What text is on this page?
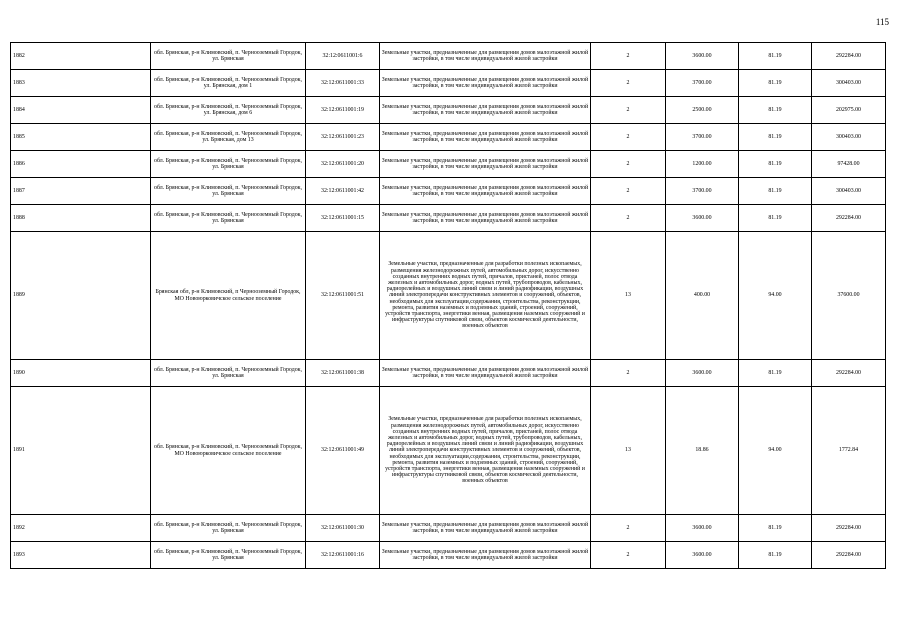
115
1882	обл. Брянская, р-н Климовский, п. Чернооземный Городок, ул. Брянская	32:12:0611001:6	Земельные участки, предназначенные для размещения домов малоэтажной жилой застройки, в том числе индивидуальной жилой застройки	2	3600.00	81.19	292284.00
1883	обл. Брянская, р-н Климовский, п. Чернооземный Городок, ул. Брянская, дом 1	32:12:0611001:33	Земельные участки, предназначенные для размещения домов малоэтажной жилой застройки, в том числе индивидуальной жилой застройки	2	3700.00	81.19	300403.00
1884	обл. Брянская, р-н Климовский, п. Чернооземный Городок, ул. Брянская, дом 6	32:12:0611001:19	Земельные участки, предназначенные для размещения домов малоэтажной жилой застройки, в том числе индивидуальной жилой застройки	2	2500.00	81.19	202975.00
1885	обл. Брянская, р-н Климовский, п. Чернооземный Городок, ул. Брянская, дом 13	32:12:0611001:23	Земельные участки, предназначенные для размещения домов малоэтажной жилой застройки, в том числе индивидуальной жилой застройки	2	3700.00	81.19	300403.00
1886	обл. Брянская, р-н Климовский, п. Чернооземный Городок, ул. Брянская	32:12:0611001:20	Земельные участки, предназначенные для размещения домов малоэтажной жилой застройки, в том числе индивидуальной жилой застройки	2	1200.00	81.19	97428.00
1887	обл. Брянская, р-н Климовский, п. Чернооземный Городок, ул. Брянская	32:12:0611001:42	Земельные участки, предназначенные для размещения домов малоэтажной жилой застройки, в том числе индивидуальной жилой застройки	2	3700.00	81.19	300403.00
1888	обл. Брянская, р-н Климовский, п. Чернооземный Городок, ул. Брянская	32:12:0611001:15	Земельные участки, предназначенные для размещения домов малоэтажной жилой застройки, в том числе индивидуальной жилой застройки	2	3600.00	81.19	292284.00
1889	Брянская обл, р-н Климовский, п Чернооземный Городок, МО Новоюрковичское сельское поселение	32:12:0611001:51	Земельные участки, предназначенные для разработки полезных ископаемых, размещения железнодорожных путей, автомобильных дорог, искусственно созданных внутренних водных путей, причалов, пристаней, полос отвода железных и автомобильных дорог, водных путей, трубопроводов, кабельных, радиорелейных и воздушных линий связи и линий радиофикации, воздушных линий электропередачи конструктивных элементов и сооружений, объектов, необходимых для эксплуатации,содержания, строительства, реконструкции, ремонта, развития наземных и подземных зданий, строений, сооружений, устройств транспорта, энергетики венная, размещения наземных сооружений и инфраструктуры спутниковой связи, объектов космической деятельности, военных объектов	13	400.00	94.00	37600.00
1890	обл. Брянская, р-н Климовский, п. Чернооземный Городок, ул. Брянская	32:12:0611001:38	Земельные участки, предназначенные для размещения домов малоэтажной жилой застройки, в том числе индивидуальной жилой застройки	2	3600.00	81.19	292284.00
1891	обл. Брянская, р-н Климовский, п. Чернооземный Городок, МО Новоюрковичское сельское поселение	32:12:0611001:49	Земельные участки, предназначенные для разработки полезных ископаемых, размещения железнодорожных путей, автомобильных дорог, искусственно созданных внутренних водных путей, причалов, пристаней, полос отвода железных и автомобильных дорог, водных путей, трубопроводов, кабельных, радиорелейных и воздушных линий связи и линий радиофикации, воздушных линий электропередачи конструктивных элементов и сооружений, объектов, необходимых для эксплуатации,содержания, строительства, реконструкции, ремонта, развития наземных и подземных зданий, строений, сооружений, устройств транспорта, энергетики венная, размещения наземных сооружений и инфраструктуры спутниковой связи, объектов космической деятельности, военных объектов	13	18.86	94.00	1772.84
1892	обл. Брянская, р-н Климовский, п. Чернооземный Городок, ул. Брянская	32:12:0611001:30	Земельные участки, предназначенные для размещения домов малоэтажной жилой застройки, в том числе индивидуальной жилой застройки	2	3600.00	81.19	292284.00
1893	обл. Брянская, р-н Климовский, п. Чернооземный Городок, ул. Брянская	32:12:0611001:16	Земельные участки, предназначенные для размещения домов малоэтажной жилой застройки, в том числе индивидуальной жилой застройки	2	3600.00	81.19	292284.00
